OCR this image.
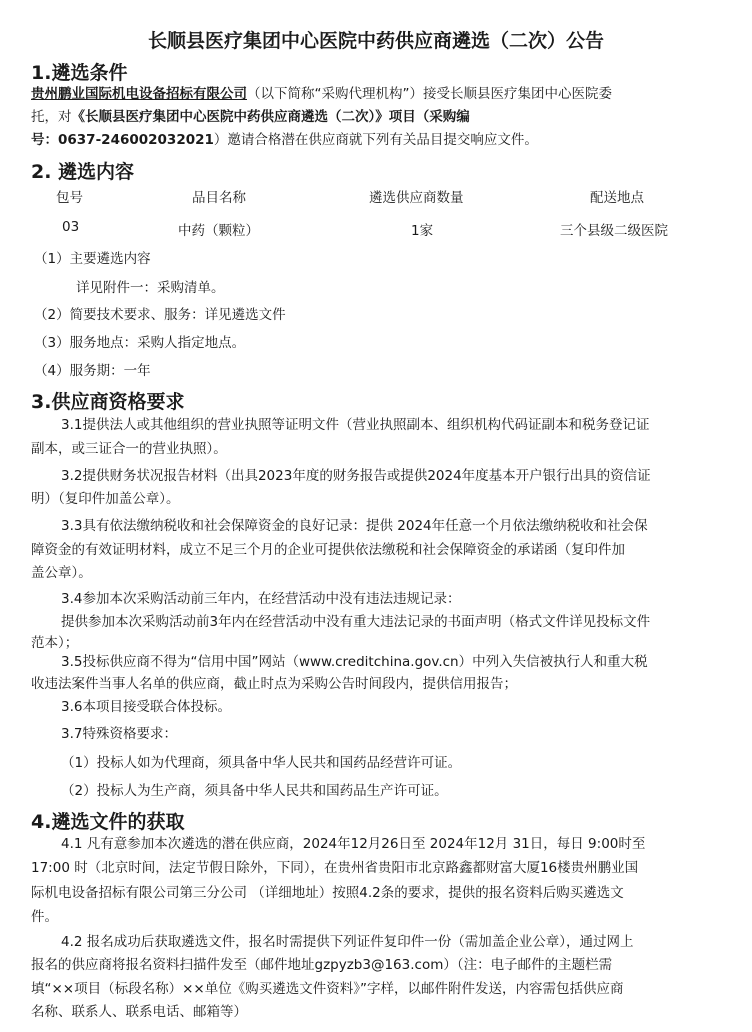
长顺县医疗集团中心医院中药供应商遴选（二次）公告
1.遴选条件
贵州鹏业国际机电设备招标有限公司（以下简称“采购代理机构”）接受长顺县医疗集团中心医院委
托，对《长顺县医疗集团中心医院中药供应商遴选（二次）》项目（采购编
号：0637-246002032021）邀请合格潜在供应商就下列有关品目提交响应文件。
2. 遴选内容
包号	品目名称	遴选供应商数量	配送地点
03	中药（颗粒）	1家	三个县级二级医院
（1）主要遴选内容
详见附件一：采购清单。
（2）简要技术要求、服务：详见遴选文件
（3）服务地点：采购人指定地点。
（4）服务期：一年
3.供应商资格要求
3.1提供法人或其他组织的营业执照等证明文件（营业执照副本、组织机构代码证副本和税务登记证
副本，或三证合一的营业执照）。
3.2提供财务状况报告材料（出具2023年度的财务报告或提供2024年度基本开户银行出具的资信证
明）（复印件加盖公章）。
3.3具有依法缴纳税收和社会保障资金的良好记录：提供 2024年任意一个月依法缴纳税收和社会保
障资金的有效证明材料，成立不足三个月的企业可提供依法缴税和社会保障资金的承诺函（复印件加
盖公章）。
3.4参加本次采购活动前三年内，在经营活动中没有违法违规记录：
提供参加本次采购活动前3年内在经营活动中没有重大违法记录的书面声明（格式文件详见投标文件
范本）；
3.5投标供应商不得为“信用中国”网站（www.creditchina.gov.cn）中列入失信被执行人和重大税
收违法案件当事人名单的供应商，截止时点为采购公告时间段内，提供信用报告；
3.6本项目接受联合体投标。
3.7特殊资格要求：
（1）投标人如为代理商，须具备中华人民共和国药品经营许可证。
（2）投标人为生产商，须具备中华人民共和国药品生产许可证。
4.遴选文件的获取
4.1 凡有意参加本次遴选的潜在供应商，2024年12月26日至 2024年12月 31日，每日 9:00时至
17:00 时（北京时间，法定节假日除外，下同），在贵州省贵阳市北京路鑫都财富大厦16楼贵州鹏业国
际机电设备招标有限公司第三分公司 （详细地址）按照4.2条的要求，提供的报名资料后购买遴选文
件。
4.2 报名成功后获取遴选文件，报名时需提供下列证件复印件一份（需加盖企业公章），通过网上
报名的供应商将报名资料扫描件发至（邮件地址gzpyzb3@163.com）（注：电子邮件的主题栏需
填“××项目（标段名称）××单位《购买遴选文件资料》”字样，以邮件附件发送，内容需包括供应商
名称、联系人、联系电话、邮箱等）
